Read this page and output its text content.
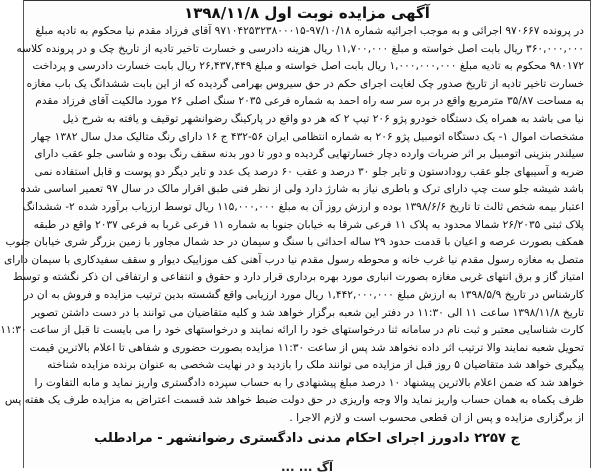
آگهی مزایده نوبت اول ۱۳۹۸/۱۱/۸
در پرونده ۹۷۰۶۶۷ اجرائی و به موجب اجرائیه شماره ۹۷/۱۰/۱۸-۹۷۱۰۴۲۵۳۲۳۸۰۰۰۱۵ آقای فرزاد مقدم نیا محکوم به تادیه مبلغ
۳۶۰,۰۰۰,۰۰۰ ریال بابت اصل خواسته و مبلغ ۱۱,۷۰۰,۰۰۰ ریال هزینه دادرسی و خسارت تاخیر تادیه از تاریخ چک و در پرونده کلاسه
۹۸۰۱۷۲ محکوم به تادیه مبلغ ۱,۰۰۰,۰۰۰,۰۰۰ ریال بابت اصل خواسته و مبلغ ۲۶,۴۳۷,۴۴۹ ریال بابت خسارت دادرسی و پرداخت
خسارت تاخیر تادیه از تاریخ صدور چک لغایت اجرای حکم در حق سیروس بهرامی گردیده که از این بابت ششدانگ یک باب مغازه
به مساحت ۳۵/۸۷ مترمربع واقع در بره سر سه راه احمد به شماره فرعی ۲۰۳۵ سنگ اصلی ۲۶ مورد مالکیت آقای فرزاد مقدم
نیا می باشد به همراه یک دستگاه خودرو پژو ۲۰۶ تیپ ۲ که هر دو واقع در پارکینگ رضوانشهر توقیف و یافته به شرح ذیل
مشخصات اموال ۱- یک دستگاه اتومبیل پژو ۲۰۶ به شماره انتظامی ایران ۵۶-۴۳۲ ج ۱۶ دارای رنگ متالیک مدل سال ۱۳۸۲ چهار
سیلندر بنزینی اتومبیل بر اثر ضربات وارده دچار خسارتهایی گردیده و دور تا دور بدنه سقف رنگ بوده و شاسی جلو عقب دارای
ضربه و آسیبهای جلو عقب رودادستون و تایر جلو ۳۰ درصد و عقب ۶۰ درصد یک عدد و تایر دیگر دو پوست و قابل استفاده نمی
باشد شیشه جلو ست چپ دارای ترک و باطری نیاز به شارژ دارد ولی از نظر فنی طبق اقرار مالک در سال ۹۷ تعمیر اساسی شده
اعتبار بیمه شخص ثالث تا تاریخ ۱۳۹۸/۶/۶ بوده و ارزش روز آن به مبلغ ۱۱۵,۰۰۰,۰۰۰ ریال توسط ارزیاب برآورد شده ۲- ششدانگ
پلاک ثبتی ۲۶/۲۰۳۵ شمالا محدود به پلاک ۱۱ فرعی شرقا به خیابان جنوبا به شماره ۱۱ فرعی غربا به فرعی ۲۰۳۷ واقع در طبقه
همکف بصورت عرصه و اعیان با قدمت حدود ۲۹ ساله احداثی با سنگ و سیمان در حد شمال مجاور با زمین بزرگر شری خیابان جنوب
متصل به مغازه رسول مقدم نیا غرب خانه و محوطه رسول مقدم نیا درب آهنی کف موزاییک دیوار و سقف سفیدکاری با سیمان دارای
امتیاز گاز و برق انتهای غربی مغازه بصورت انباری مورد بهره برداری قرار دارد و حقوق و انتفاعی و ارتفاقی ان ذکر نگشته و توسط
کارشناس در تاریخ ۱۳۹۸/۵/۹ به ارزش مبلغ ۱,۴۴۲,۰۰۰,۰۰۰ ریال مورد ارزیابی واقع گشسته بدین ترتیب مزایده و فروش به ان در
تاریخ ۱۳۹۸/۱۱/۸ ساعت ۱۱ الی ۱۱:۳۰ در دفتر این شعبه برگزار خواهد شد و کلیه متقاضیان می توانند با در دست داشتن تصویر
کارت شناسایی معتبر و ثبت نام در سامانه ثنا درخواستهای خود را ارائه نمایند و درخواستهای خود را می بایست تا قبل از ساعت ۱۱:۳۰
تحویل شعبه نمایند والا ترتیب اثر داده نخواهد شد پس از ساعت ۱۱:۳۰ مزایده بصورت حضوری و شفاهی تا اعلام بالاترین قیمت
پیگیری خواهد شد متقاضیان ۵ روز قبل از مزایده می توانند ملک را بازدید و در نهایت شخصی به عنوان برنده مزایده شناخته
خواهد شد که ضمن اعلام بالاترین پیشنهاد ۱۰ درصد مبلغ پیشنهادی را به حساب سپرده دادگستری واریز نماید و مابه التفاوت را
ظرف یکماه به همان حساب واریز نماید والا وجه واریزی در حق دولت ضبط خواهد شد قسمت اعتراض به مزایده طرف یک هفته پس
از برگزاری مزایده و پس از ان قطعی محسوب است و لازم الاجرا .
ج ۲۲۵۷ دادورز اجرای احکام مدنی دادگستری رضوانشهر - مرادطلب
آگ ... ...
